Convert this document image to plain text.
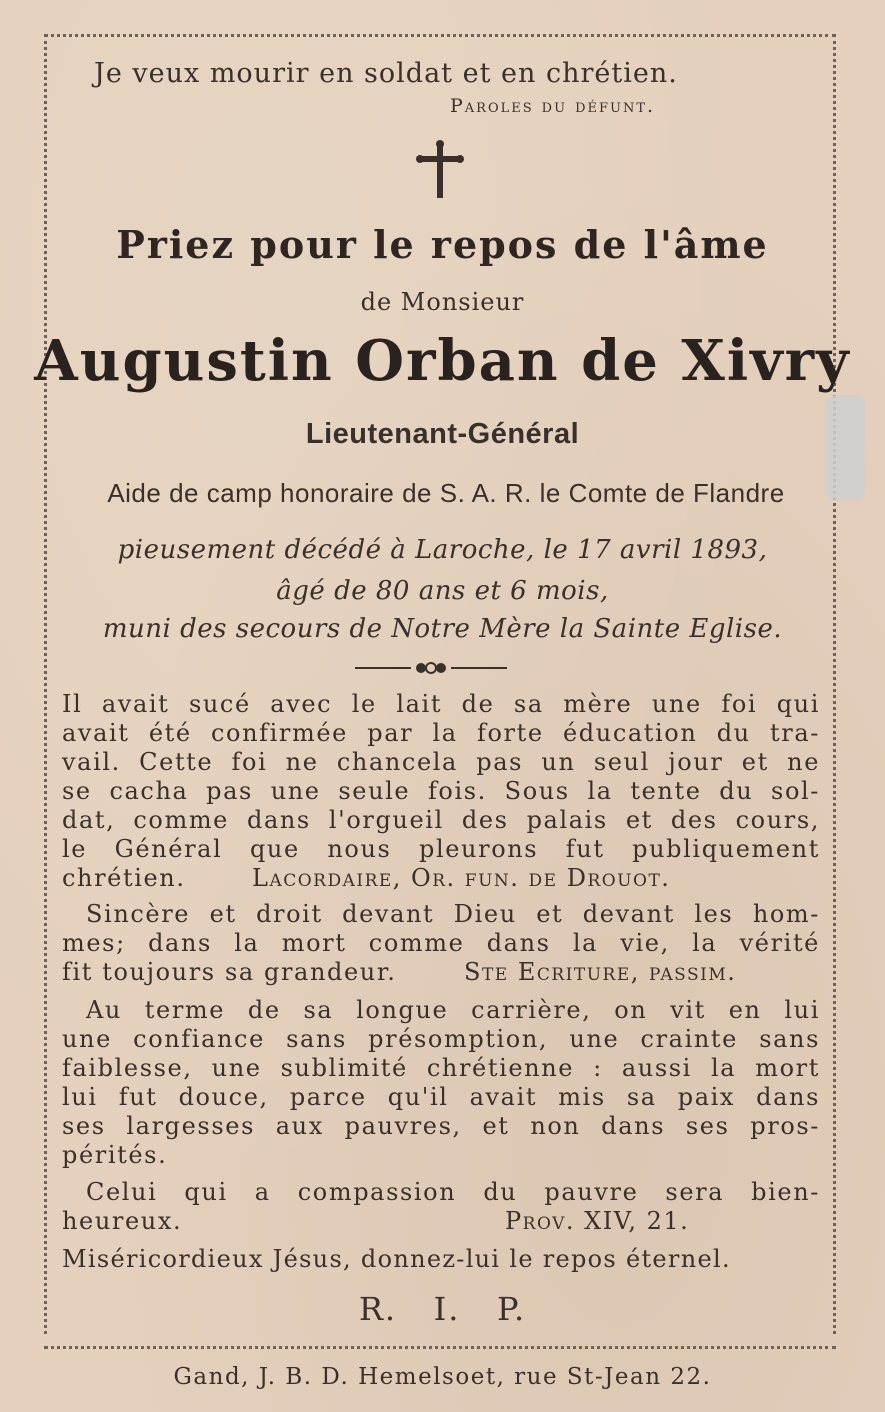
Je veux mourir en soldat et en chrétien.
Paroles du défunt.
Priez pour le repos de l'âme
de Monsieur
Augustin Orban de Xivry
Lieutenant-Général
Aide de camp honoraire de S. A. R. le Comte de Flandre
pieusement décédé à Laroche, le 17 avril 1893,
âgé de 80 ans et 6 mois,
muni des secours de Notre Mère la Sainte Eglise.
Il avait sucé avec le lait de sa mère une foi qui
avait été confirmée par la forte éducation du tra-
vail. Cette foi ne chancela pas un seul jour et ne
se cacha pas une seule fois. Sous la tente du sol-
dat, comme dans l'orgueil des palais et des cours,
le Général que nous pleurons fut publiquement
chrétien.	Lacordaire, Or. fun. de Drouot.
Sincère et droit devant Dieu et devant les hom-
mes; dans la mort comme dans la vie, la vérité
fit toujours sa grandeur.	Ste Ecriture, passim.
Au terme de sa longue carrière, on vit en lui
une confiance sans présomption, une crainte sans
faiblesse, une sublimité chrétienne : aussi la mort
lui fut douce, parce qu'il avait mis sa paix dans
ses largesses aux pauvres, et non dans ses pros-
pérités.
Celui qui a compassion du pauvre sera bien-
heureux.	Prov. XIV, 21.
Miséricordieux Jésus, donnez-lui le repos éternel.
R.   I.   P.
Gand, J. B. D. Hemelsoet, rue St-Jean 22.
